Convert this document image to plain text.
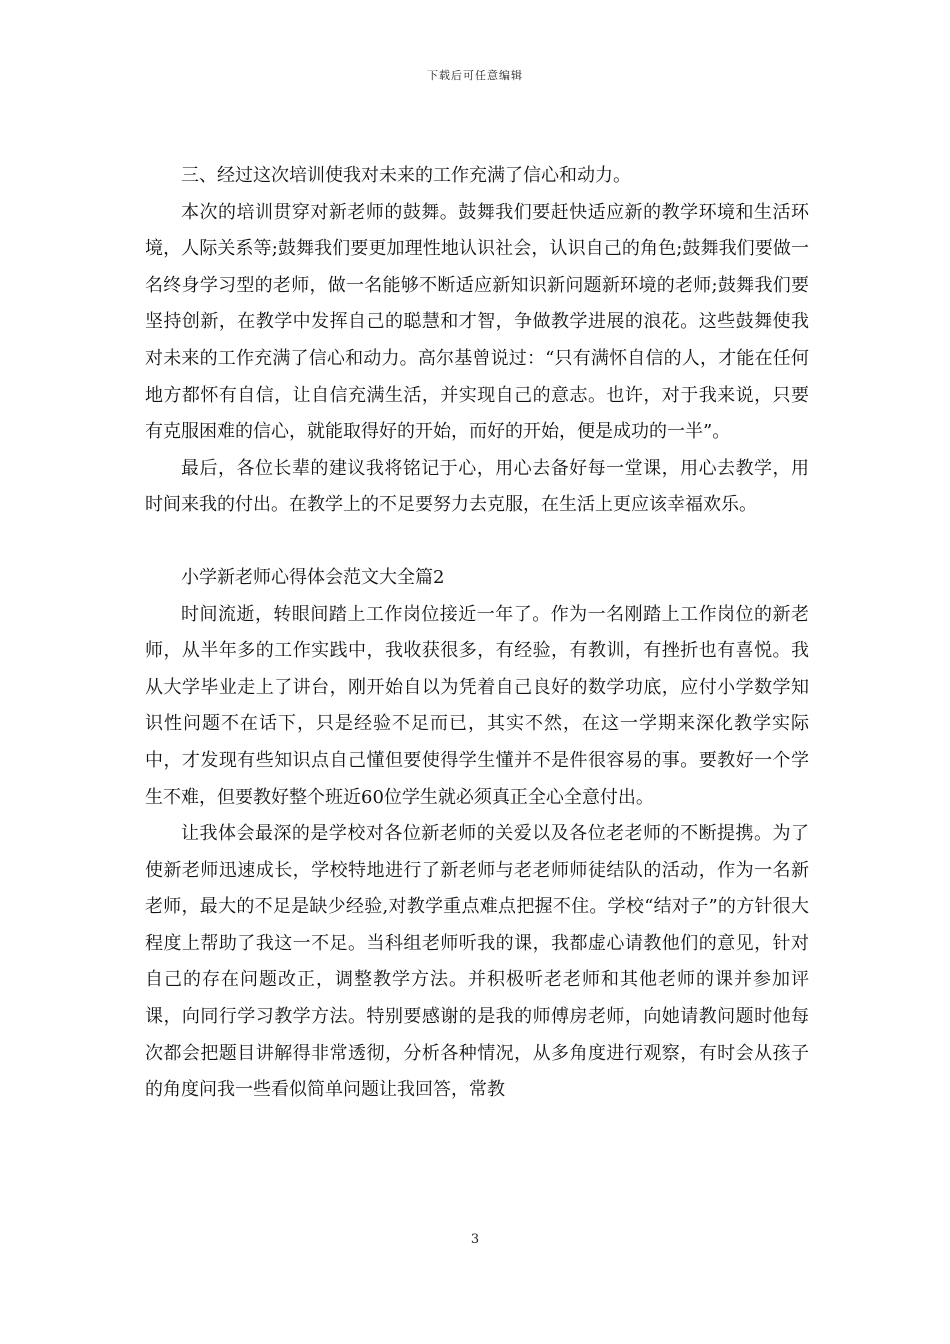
下载后可任意编辑

三、经过这次培训使我对未来的工作充满了信心和动力。

本次的培训贯穿对新老师的鼓舞。鼓舞我们要赶快适应新的教学环境和生活环境，人际关系等;鼓舞我们要更加理性地认识社会，认识自己的角色;鼓舞我们要做一名终身学习型的老师，做一名能够不断适应新知识新问题新环境的老师;鼓舞我们要坚持创新，在教学中发挥自己的聪慧和才智，争做教学进展的浪花。这些鼓舞使我对未来的工作充满了信心和动力。高尔基曾说过：“只有满怀自信的人，才能在任何地方都怀有自信，让自信充满生活，并实现自己的意志。也许，对于我来说，只要有克服困难的信心，就能取得好的开始，而好的开始，便是成功的一半”。

最后，各位长辈的建议我将铭记于心，用心去备好每一堂课，用心去教学，用时间来我的付出。在教学上的不足要努力去克服，在生活上更应该幸福欢乐。

小学新老师心得体会范文大全篇2

时间流逝，转眼间踏上工作岗位接近一年了。作为一名刚踏上工作岗位的新老师，从半年多的工作实践中，我收获很多，有经验，有教训，有挫折也有喜悦。我从大学毕业走上了讲台，刚开始自以为凭着自己良好的数学功底，应付小学数学知识性问题不在话下，只是经验不足而已，其实不然，在这一学期来深化教学实际中，才发现有些知识点自己懂但要使得学生懂并不是件很容易的事。要教好一个学生不难，但要教好整个班近60位学生就必须真正全心全意付出。

让我体会最深的是学校对各位新老师的关爱以及各位老老师的不断提携。为了使新老师迅速成长，学校特地进行了新老师与老老师师徒结队的活动，作为一名新老师，最大的不足是缺少经验,对教学重点难点把握不住。学校“结对子”的方针很大程度上帮助了我这一不足。当科组老师听我的课，我都虚心请教他们的意见，针对自己的存在问题改正，调整教学方法。并积极听老老师和其他老师的课并参加评课，向同行学习教学方法。特别要感谢的是我的师傅房老师，向她请教问题时他每次都会把题目讲解得非常透彻，分析各种情况，从多角度进行观察，有时会从孩子的角度问我一些看似简单问题让我回答，常教

3
